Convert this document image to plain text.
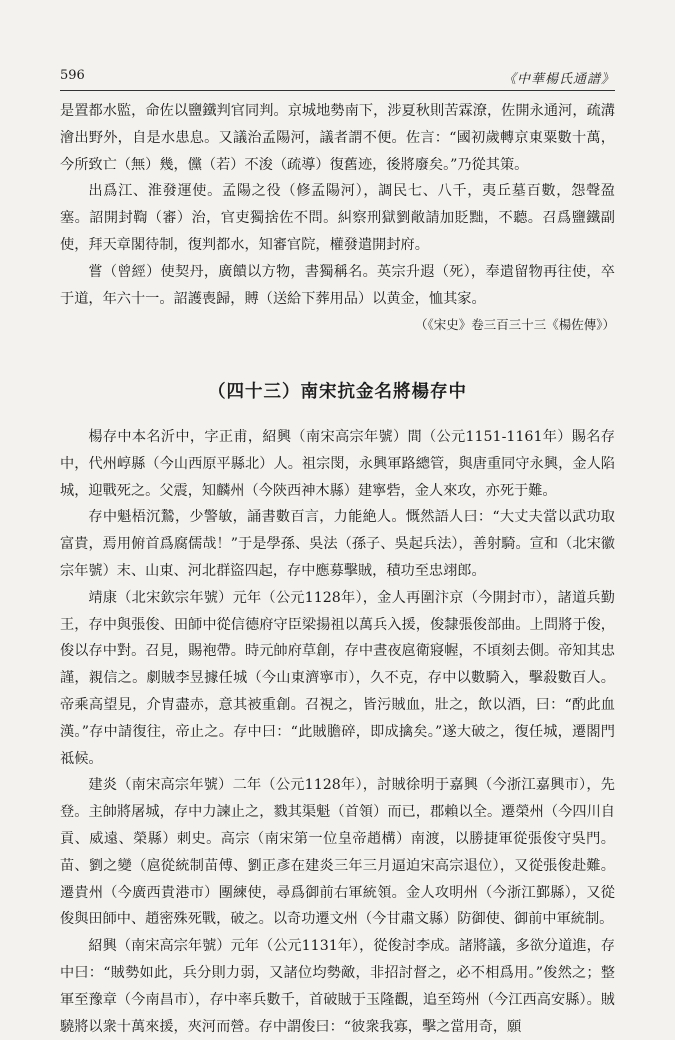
596	《中華楊氏通譜》

是置都水監，命佐以鹽鐵判官同判。京城地勢南下，涉夏秋則苦霖潦，佐開永通河，疏溝澮出野外，自是水患息。又議治孟陽河，議者謂不便。佐言：“國初歲轉京東粟數十萬，今所致亡（無）幾，儻（若）不浚（疏導）復舊迹，後將廢矣。”乃從其策。

出爲江、淮發運使。孟陽之役（修孟陽河），調民七、八千，夷丘墓百數，怨聲盈塞。詔開封鞫（審）治，官吏獨捨佐不問。糾察刑獄劉敞請加貶黜，不聽。召爲鹽鐵副使，拜天章閣待制，復判都水，知審官院，權發遣開封府。

嘗（曾經）使契丹，廣饋以方物，書獨稱名。英宗升遐（死），奉遣留物再往使，卒于道，年六十一。詔護喪歸，賻（送給下葬用品）以黄金，恤其家。

（《宋史》卷三百三十三《楊佐傳》）

（四十三）南宋抗金名將楊存中

楊存中本名沂中，字正甫，紹興（南宋高宗年號）間（公元1151-1161年）賜名存中，代州崞縣（今山西原平縣北）人。祖宗閔，永興軍路總管，與唐重同守永興，金人陷城，迎戰死之。父震，知麟州（今陝西神木縣）建寧砦，金人來攻，亦死于難。

存中魁梧沉鷙，少警敏，誦書數百言，力能絶人。慨然語人曰：“大丈夫當以武功取富貴，焉用俯首爲腐儒哉！”于是學孫、吳法（孫子、吳起兵法），善射騎。宣和（北宋徽宗年號）末、山東、河北群盜四起，存中應募擊賊，積功至忠翊郎。

靖康（北宋欽宗年號）元年（公元1128年），金人再圍汴京（今開封市），諸道兵勤王，存中與張俊、田師中從信德府守臣梁揚祖以萬兵入援，俊隸張俊部曲。上問將于俊，俊以存中對。召見，賜袍帶。時元帥府草創，存中晝夜扈衛寢幄，不頃刻去側。帝知其忠謹，親信之。劇賊李昱據任城（今山東濟寧市），久不克，存中以數騎入，擊殺數百人。帝乘高望見，介胄盡赤，意其被重創。召視之，皆污賊血，壯之，飲以酒，曰：“酌此血漢。”存中請復往，帝止之。存中曰：“此賊膽碎，即成擒矣。”遂大破之，復任城，遷閤門祗候。

建炎（南宋高宗年號）二年（公元1128年），討賊徐明于嘉興（今浙江嘉興市），先登。主帥將屠城，存中力諫止之，戮其渠魁（首領）而已，郡賴以全。遷榮州（今四川自貢、威遠、榮縣）刺史。高宗（南宋第一位皇帝趙構）南渡，以勝捷軍從張俊守吳門。苗、劉之變（扈從統制苗傅、劉正彥在建炎三年三月逼迫宋高宗退位），又從張俊赴難。遷貴州（今廣西貴港市）團練使，尋爲御前右軍統領。金人攻明州（今浙江鄞縣），又從俊與田師中、趙密殊死戰，破之。以奇功遷文州（今甘肅文縣）防御使、御前中軍統制。

紹興（南宋高宗年號）元年（公元1131年），從俊討李成。諸將議，多欲分道進，存中曰：“賊勢如此，兵分則力弱，又諸位均勢敵，非招討督之，必不相爲用。”俊然之；整軍至豫章（今南昌市），存中率兵數千，首破賊于玉隆觀，追至筠州（今江西高安縣）。賊驍將以衆十萬來援，夾河而營。存中謂俊曰：“彼衆我寡，擊之當用奇，願
